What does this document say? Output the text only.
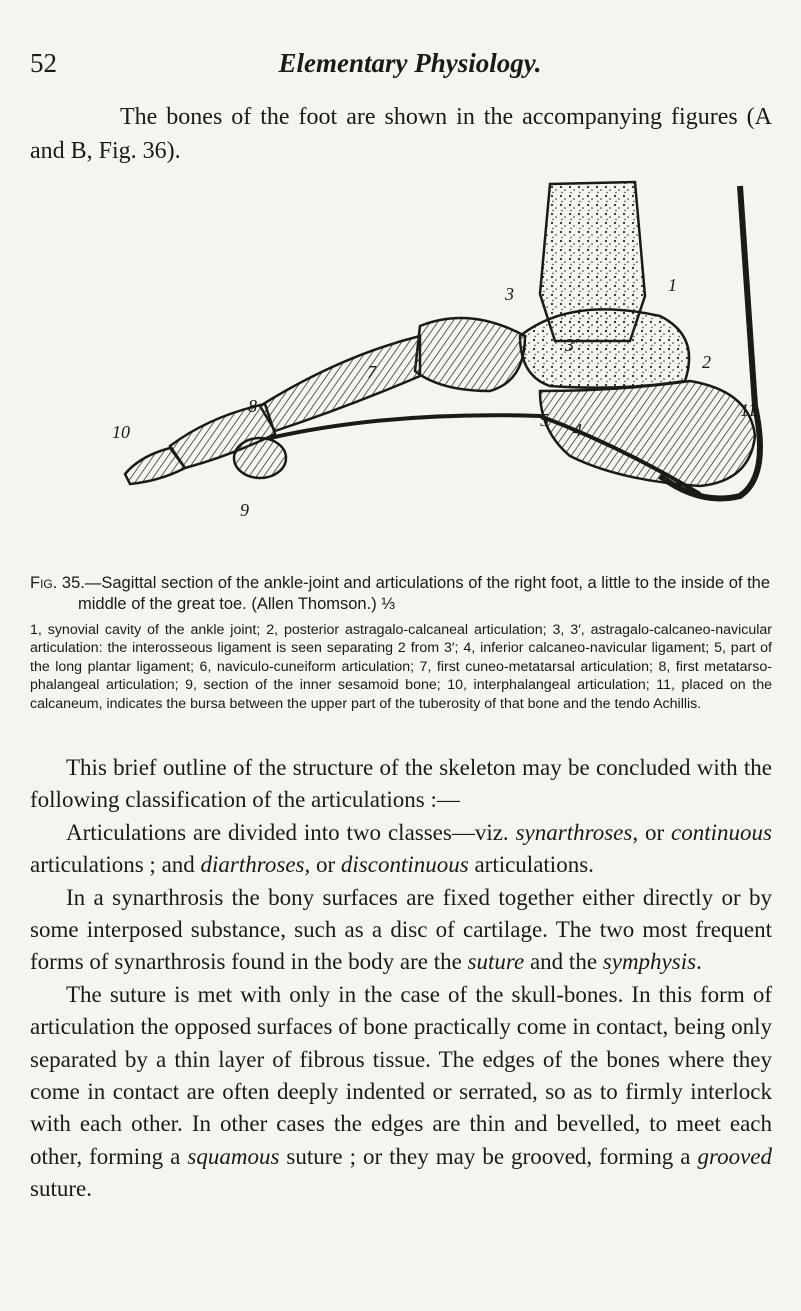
52	Elementary Physiology.

The bones of the foot are shown in the accompanying figures (A and B, Fig. 36).

1
2
3
3′
4
5
7
8
9
10
11

Fig. 35.—Sagittal section of the ankle-joint and articulations of the right foot, a little to the inside of the middle of the great toe. (Allen Thomson.) ⅓

1, synovial cavity of the ankle joint; 2, posterior astragalo-calcaneal articulation; 3, 3′, astragalo-calcaneo-navicular articulation: the interosseous ligament is seen separating 2 from 3′; 4, inferior calcaneo-navicular ligament; 5, part of the long plantar ligament; 6, naviculo-cuneiform articulation; 7, first cuneo-metatarsal articulation; 8, first metatarso-phalangeal articulation; 9, section of the inner sesamoid bone; 10, interphalangeal articulation; 11, placed on the calcaneum, indicates the bursa between the upper part of the tuberosity of that bone and the tendo Achillis.

This brief outline of the structure of the skeleton may be concluded with the following classification of the articulations :—

Articulations are divided into two classes—viz. synarthroses, or continuous articulations ; and diarthroses, or discontinuous articulations.

In a synarthrosis the bony surfaces are fixed together either directly or by some interposed substance, such as a disc of cartilage. The two most frequent forms of synarthrosis found in the body are the suture and the symphysis.

The suture is met with only in the case of the skull-bones. In this form of articulation the opposed surfaces of bone practically come in contact, being only separated by a thin layer of fibrous tissue. The edges of the bones where they come in contact are often deeply indented or serrated, so as to firmly interlock with each other. In other cases the edges are thin and bevelled, to meet each other, forming a squamous suture ; or they may be grooved, forming a grooved suture.
